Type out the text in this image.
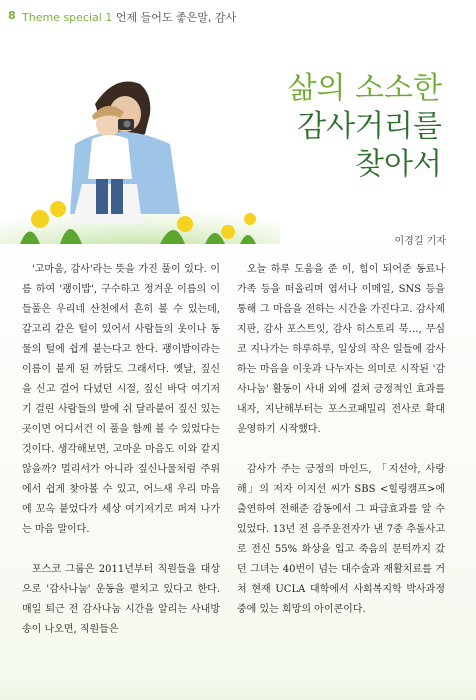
8 Theme special 1 언제 들어도 좋은말, 감사
삶의 소소한
감사거리를
찾아서
이경길 기자

'고마움, 감사'라는 뜻을 가진 풀이 있다. 이름 하여 '괭이밥', 구수하고 정겨운 이름의 이 들풀은 우리네 산천에서 흔히 볼 수 있는데, 갈고리 같은 털이 있어서 사람들의 옷이나 동물의 털에 쉽게 붙는다고 한다. 괭이밥이라는 이름이 붙게 된 까닭도 그래서다. 옛날, 짚신을 신고 걸어 다녔던 시절, 짚신 바닥 여기저기 걸린 사람들의 발에 쉬 달라붙어 짚신 있는 곳이면 어디서건 이 풀을 함께 볼 수 있었다는 것이다. 생각해보면, 고마운 마음도 이와 같지 않을까? 멀리서가 아니라 짚신나물처럼 주위에서 쉽게 찾아볼 수 있고, 어느새 우리 마음에 꼬옥 붙었다가 세상 여기저기로 퍼져 나가는 마음 말이다.

포스코 그룹은 2011년부터 직원들을 대상으로 '감사나눔' 운동을 펼치고 있다고 한다. 매일 퇴근 전 감사나눔 시간을 알리는 사내방송이 나오면, 직원들은

오늘 하루 도움을 준 이, 힘이 되어준 동료나 가족 등을 떠올리며 엽서나 이메일, SNS 등을 통해 그 마음을 전하는 시간을 가진다고. 감사제지판, 감사 포스트잇, 감사 히스토리 북…, 무심코 지나가는 하루하루, 일상의 작은 일들에 감사하는 마음을 이웃과 나누자는 의미로 시작된 '감사나눔' 활동이 사내 외에 걸쳐 긍정적인 효과를 내자, 지난해부터는 포스코패밀리 전사로 확대 운영하기 시작했다.

감사가 주는 긍정의 마인드, 「지선아, 사랑해」의 저자 이지선 씨가 SBS <힐링캠프>에 출연하여 전해준 감동에서 그 파급효과를 알 수 있었다. 13년 전 음주운전자가 낸 7중 추돌사고로 전신 55% 화상을 입고 죽음의 문턱까지 갔던 그녀는 40번이 넘는 대수술과 재활치료를 거쳐 현재 UCLA 대학에서 사회복지학 박사과정 중에 있는 희망의 아이콘이다.
